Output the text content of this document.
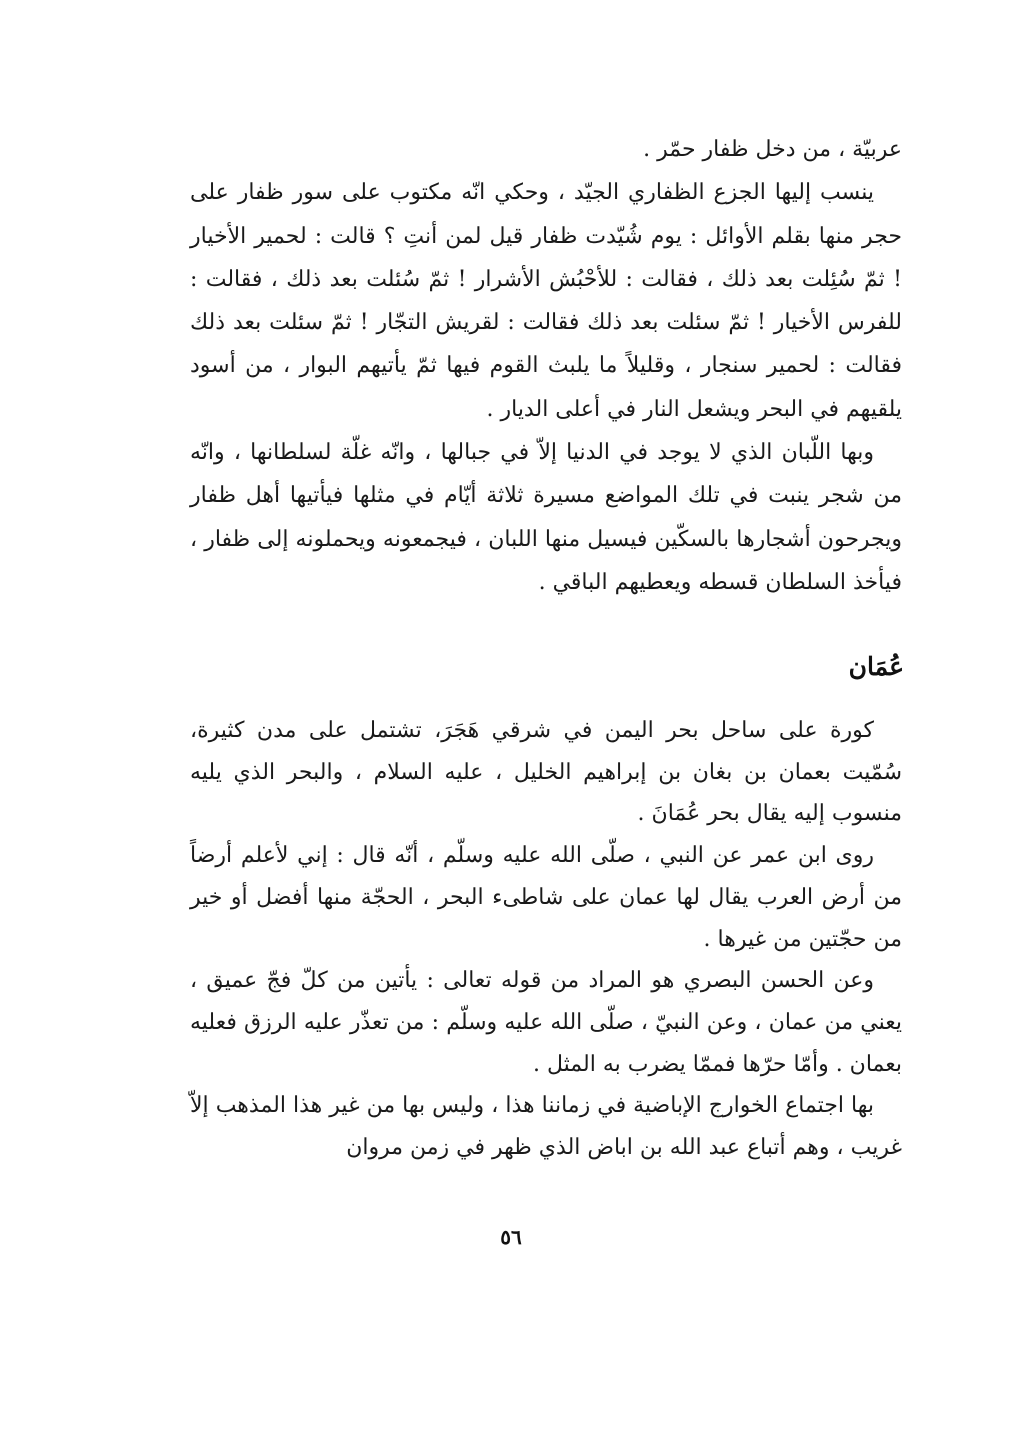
عربيّة ، من دخل ظفار حمّر .

ينسب إليها الجزع الظفاري الجيّد ، وحكي انّه مكتوب على سور ظفار على حجر منها بقلم الأوائل : يوم شُيّدت ظفار قيل لمن أنتِ ؟ قالت : لحمير الأخيار ! ثمّ سُئِلت بعد ذلك ، فقالت : للأحْبُش الأشرار ! ثمّ سُئلت بعد ذلك ، فقالت : للفرس الأخيار ! ثمّ سئلت بعد ذلك فقالت : لقريش التجّار ! ثمّ سئلت بعد ذلك فقالت : لحمير سنجار ، وقليلاً ما يلبث القوم فيها ثمّ يأتيهم البوار ، من أسود يلقيهم في البحر ويشعل النار في أعلى الديار .

وبها اللّبان الذي لا يوجد في الدنيا إلاّ في جبالها ، وانّه غلّة لسلطانها ، وانّه من شجر ينبت في تلك المواضع مسيرة ثلاثة أيّام في مثلها فيأتيها أهل ظفار ويجرحون أشجارها بالسكّين فيسيل منها اللبان ، فيجمعونه ويحملونه إلى ظفار ، فيأخذ السلطان قسطه ويعطيهم الباقي .

عُمَان

كورة على ساحل بحر اليمن في شرقي هَجَرَ، تشتمل على مدن كثيرة، سُمّيت بعمان بن بغان بن إبراهيم الخليل ، عليه السلام ، والبحر الذي يليه منسوب إليه يقال بحر عُمَانَ .

روى ابن عمر عن النبي ، صلّى الله عليه وسلّم ، أنّه قال : إني لأعلم أرضاً من أرض العرب يقال لها عمان على شاطىء البحر ، الحجّة منها أفضل أو خير من حجّتين من غيرها .

وعن الحسن البصري هو المراد من قوله تعالى : يأتين من كلّ فجّ عميق ، يعني من عمان ، وعن النبيّ ، صلّى الله عليه وسلّم : من تعذّر عليه الرزق فعليه بعمان . وأمّا حرّها فممّا يضرب به المثل .

بها اجتماع الخوارج الإباضية في زماننا هذا ، وليس بها من غير هذا المذهب إلاّ غريب ، وهم أتباع عبد الله بن اباض الذي ظهر في زمن مروان

٥٦
